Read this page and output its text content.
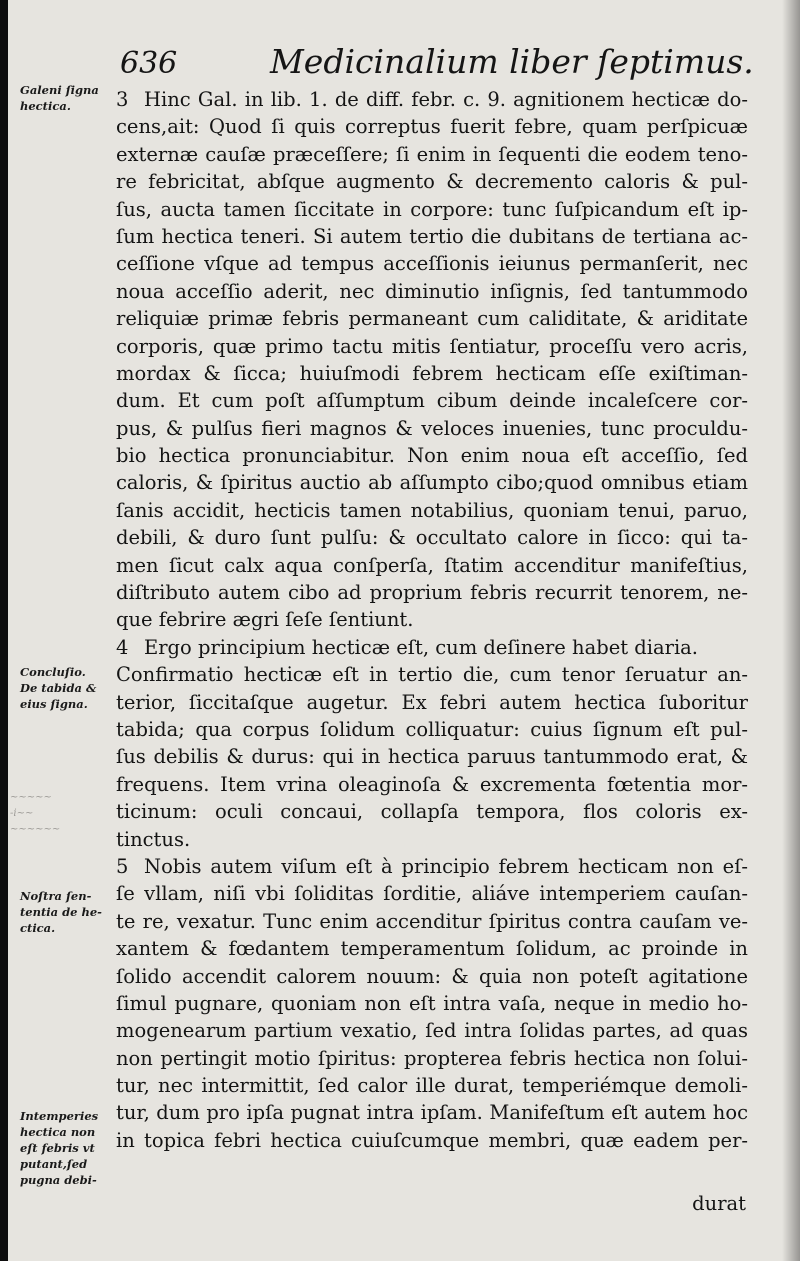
636	Medicinalium liber ſeptimus.
~~~~~
-i~~
~~~~~~
Galeni ſigna
hectica.
Concluſio.
De tabida &
eius ſigna.
Noſtra ſen-
tentia de he-
ctica.
Intemperies
hectica non
eſt febris vt
putant,ſed
pugna debi-
3 Hinc Gal. in lib. 1. de diff. febr. c. 9. agnitionem hecticæ do-
cens,ait: Quod ſi quis correptus fuerit febre, quam perſpicuæ
externæ cauſæ præceſſere; ſi enim in ſequenti die eodem teno-
re febricitat, abſque augmento & decremento caloris & pul-
ſus, aucta tamen ſiccitate in corpore: tunc ſuſpicandum eſt ip-
ſum hectica teneri. Si autem tertio die dubitans de tertiana ac-
ceſſione vſque ad tempus acceſſionis ieiunus permanſerit, nec
noua acceſſio aderit, nec diminutio inſignis, ſed tantummodo
reliquiæ primæ febris permaneant cum caliditate, & ariditate
corporis, quæ primo tactu mitis ſentiatur, proceſſu vero acris,
mordax & ſicca; huiuſmodi febrem hecticam eſſe exiſtiman-
dum. Et cum poſt aſſumptum cibum deinde incaleſcere cor-
pus, & pulſus fieri magnos & veloces inuenies, tunc proculdu-
bio hectica pronunciabitur. Non enim noua eſt acceſſio, ſed
caloris, & ſpiritus auctio ab aſſumpto cibo;quod omnibus etiam
ſanis accidit, hecticis tamen notabilius, quoniam tenui, paruo,
debili, & duro ſunt pulſu: & occultato calore in ſicco: qui ta-
men ſicut calx aqua conſperſa, ſtatim accenditur manifeſtius,
diſtributo autem cibo ad proprium febris recurrit tenorem, ne-
que febrire ægri ſeſe ſentiunt.
4 Ergo principium hecticæ eſt, cum deſinere habet diaria.
Confirmatio hecticæ eſt in tertio die, cum tenor ſeruatur an-
terior, ſiccitaſque augetur. Ex febri autem hectica ſuboritur
tabida; qua corpus ſolidum colliquatur: cuius ſignum eſt pul-
ſus debilis & durus: qui in hectica paruus tantummodo erat, &
frequens. Item vrina oleaginoſa & excrementa fœtentia mor-
ticinum: oculi concaui, collapſa tempora, flos coloris ex-
tinctus.
5 Nobis autem viſum eſt à principio febrem hecticam non eſ-
ſe vllam, niſi vbi ſoliditas ſorditie, aliáve intemperiem cauſan-
te re, vexatur. Tunc enim accenditur ſpiritus contra cauſam ve-
xantem & fœdantem temperamentum ſolidum, ac proinde in
ſolido accendit calorem nouum: & quia non poteſt agitatione
ſimul pugnare, quoniam non eſt intra vaſa, neque in medio ho-
mogenearum partium vexatio, ſed intra ſolidas partes, ad quas
non pertingit motio ſpiritus: propterea febris hectica non ſolui-
tur, nec intermittit, ſed calor ille durat, temperiémque demoli-
tur, dum pro ipſa pugnat intra ipſam. Manifeſtum eſt autem hoc
in topica febri hectica cuiuſcumque membri, quæ eadem per-
durat
